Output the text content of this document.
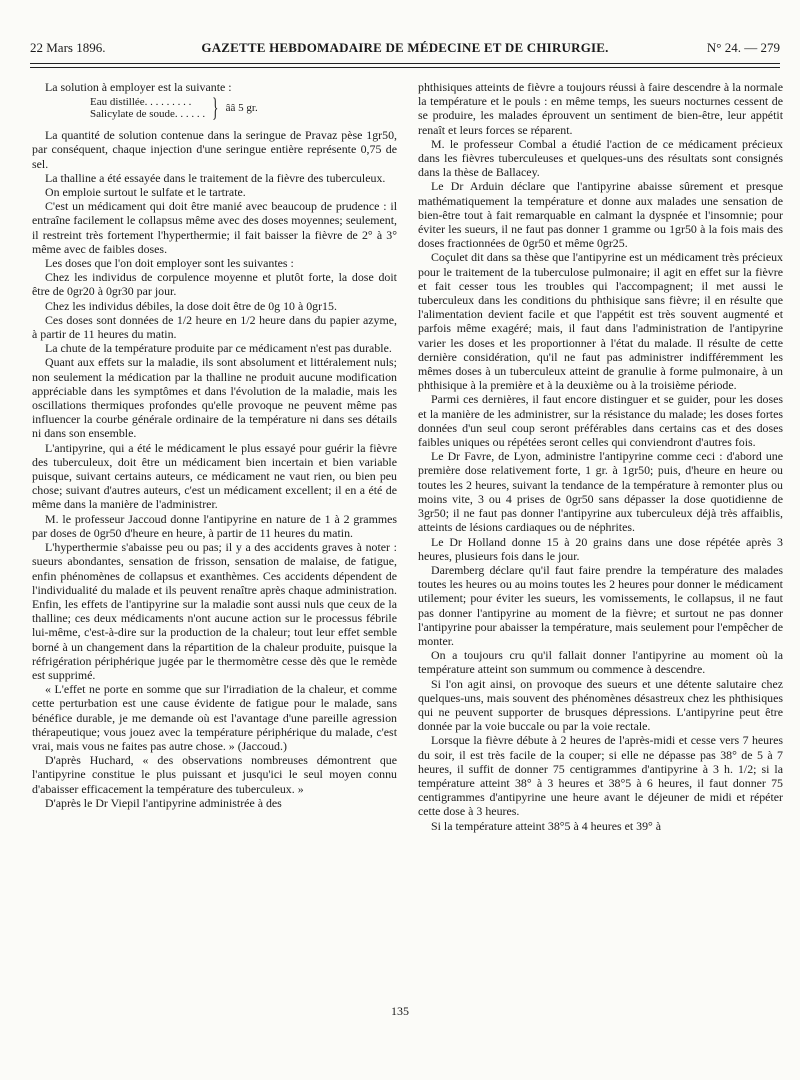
22 Mars 1896.	GAZETTE HEBDOMADAIRE DE MÉDECINE ET DE CHIRURGIE.	N° 24. — 279

La solution à employer est la suivante :

Eau distillée. . . . . . . . .
Salicylate de soude. . . . . . } ââ 5 gr.

La quantité de solution contenue dans la seringue de Pravaz pèse 1gr50, par conséquent, chaque injection d'une seringue entière représente 0,75 de sel.

La thalline a été essayée dans le traitement de la fièvre des tuberculeux.

On emploie surtout le sulfate et le tartrate.

C'est un médicament qui doit être manié avec beaucoup de prudence : il entraîne facilement le collapsus même avec des doses moyennes; seulement, il restreint très fortement l'hyperthermie; il fait baisser la fièvre de 2° à 3° même avec de faibles doses.

Les doses que l'on doit employer sont les suivantes :

Chez les individus de corpulence moyenne et plutôt forte, la dose doit être de 0gr20 à 0gr30 par jour.

Chez les individus débiles, la dose doit être de 0g 10 à 0gr15.

Ces doses sont données de 1/2 heure en 1/2 heure dans du papier azyme, à partir de 11 heures du matin.

La chute de la température produite par ce médicament n'est pas durable.

Quant aux effets sur la maladie, ils sont absolument et littéralement nuls; non seulement la médication par la thalline ne produit aucune modification appréciable dans les symptômes et dans l'évolution de la maladie, mais les oscillations thermiques profondes qu'elle provoque ne peuvent même pas influencer la courbe générale ordinaire de la température ni dans ses détails ni dans son ensemble.

L'antipyrine, qui a été le médicament le plus essayé pour guérir la fièvre des tuberculeux, doit être un médicament bien incertain et bien variable puisque, suivant certains auteurs, ce médicament ne vaut rien, ou bien peu chose; suivant d'autres auteurs, c'est un médicament excellent; il en a été de même dans la manière de l'administrer.

M. le professeur Jaccoud donne l'antipyrine en nature de 1 à 2 grammes par doses de 0gr50 d'heure en heure, à partir de 11 heures du matin.

L'hyperthermie s'abaisse peu ou pas; il y a des accidents graves à noter : sueurs abondantes, sensation de frisson, sensation de malaise, de fatigue, enfin phénomènes de collapsus et exanthèmes. Ces accidents dépendent de l'individualité du malade et ils peuvent renaître après chaque administration. Enfin, les effets de l'antipyrine sur la maladie sont aussi nuls que ceux de la thalline; ces deux médicaments n'ont aucune action sur le processus fébrile lui-même, c'est-à-dire sur la production de la chaleur; tout leur effet semble borné à un changement dans la répartition de la chaleur produite, puisque la réfrigération périphérique jugée par le thermomètre cesse dès que le remède est supprimé.

« L'effet ne porte en somme que sur l'irradiation de la chaleur, et comme cette perturbation est une cause évidente de fatigue pour le malade, sans bénéfice durable, je me demande où est l'avantage d'une pareille agression thérapeutique; vous jouez avec la température périphérique du malade, c'est vrai, mais vous ne faites pas autre chose. » (Jaccoud.)

D'après Huchard, « des observations nombreuses démontrent que l'antipyrine constitue le plus puissant et jusqu'ici le seul moyen connu d'abaisser efficacement la température des tuberculeux. »

D'après le Dr Viepil l'antipyrine administrée à des

phthisiques atteints de fièvre a toujours réussi à faire descendre à la normale la température et le pouls : en même temps, les sueurs nocturnes cessent de se produire, les malades éprouvent un sentiment de bien-être, leur appétit renaît et leurs forces se réparent.

M. le professeur Combal a étudié l'action de ce médicament précieux dans les fièvres tuberculeuses et quelques-uns des résultats sont consignés dans la thèse de Ballacey.

Le Dr Arduin déclare que l'antipyrine abaisse sûrement et presque mathématiquement la température et donne aux malades une sensation de bien-être tout à fait remarquable en calmant la dyspnée et l'insomnie; pour éviter les sueurs, il ne faut pas donner 1 gramme ou 1gr50 à la fois mais des doses fractionnées de 0gr50 et même 0gr25.

Coçulet dit dans sa thèse que l'antipyrine est un médicament très précieux pour le traitement de la tuberculose pulmonaire; il agit en effet sur la fièvre et fait cesser tous les troubles qui l'accompagnent; il met aussi le tuberculeux dans les conditions du phthisique sans fièvre; il en résulte que l'alimentation devient facile et que l'appétit est très souvent augmenté et parfois même exagéré; mais, il faut dans l'administration de l'antipyrine varier les doses et les proportionner à l'état du malade. Il résulte de cette dernière considération, qu'il ne faut pas administrer indifféremment les mêmes doses à un tuberculeux atteint de granulie à forme pulmonaire, à un phthisique à la première et à la deuxième ou à la troisième période.

Parmi ces dernières, il faut encore distinguer et se guider, pour les doses et la manière de les administrer, sur la résistance du malade; les doses fortes données d'un seul coup seront préférables dans certains cas et des doses faibles uniques ou répétées seront celles qui conviendront d'autres fois.

Le Dr Favre, de Lyon, administre l'antipyrine comme ceci : d'abord une première dose relativement forte, 1 gr. à 1gr50; puis, d'heure en heure ou toutes les 2 heures, suivant la tendance de la température à remonter plus ou moins vite, 3 ou 4 prises de 0gr50 sans dépasser la dose quotidienne de 3gr50; il ne faut pas donner l'antipyrine aux tuberculeux déjà très affaiblis, atteints de lésions cardiaques ou de néphrites.

Le Dr Holland donne 15 à 20 grains dans une dose répétée après 3 heures, plusieurs fois dans le jour.

Daremberg déclare qu'il faut faire prendre la température des malades toutes les heures ou au moins toutes les 2 heures pour donner le médicament utilement; pour éviter les sueurs, les vomissements, le collapsus, il ne faut pas donner l'antipyrine au moment de la fièvre; et surtout ne pas donner l'antipyrine pour abaisser la température, mais seulement pour l'empêcher de monter.

On a toujours cru qu'il fallait donner l'antipyrine au moment où la température atteint son summum ou commence à descendre.

Si l'on agit ainsi, on provoque des sueurs et une détente salutaire chez quelques-uns, mais souvent des phénomènes désastreux chez les phthisiques qui ne peuvent supporter de brusques dépressions. L'antipyrine peut être donnée par la voie buccale ou par la voie rectale.

Lorsque la fièvre débute à 2 heures de l'après-midi et cesse vers 7 heures du soir, il est très facile de la couper; si elle ne dépasse pas 38° de 5 à 7 heures, il suffit de donner 75 centigrammes d'antipyrine à 3 h. 1/2; si la température atteint 38° à 3 heures et 38°5 à 6 heures, il faut donner 75 centigrammes d'antipyrine une heure avant le déjeuner de midi et répéter cette dose à 3 heures.

Si la température atteint 38°5 à 4 heures et 39° à

135
